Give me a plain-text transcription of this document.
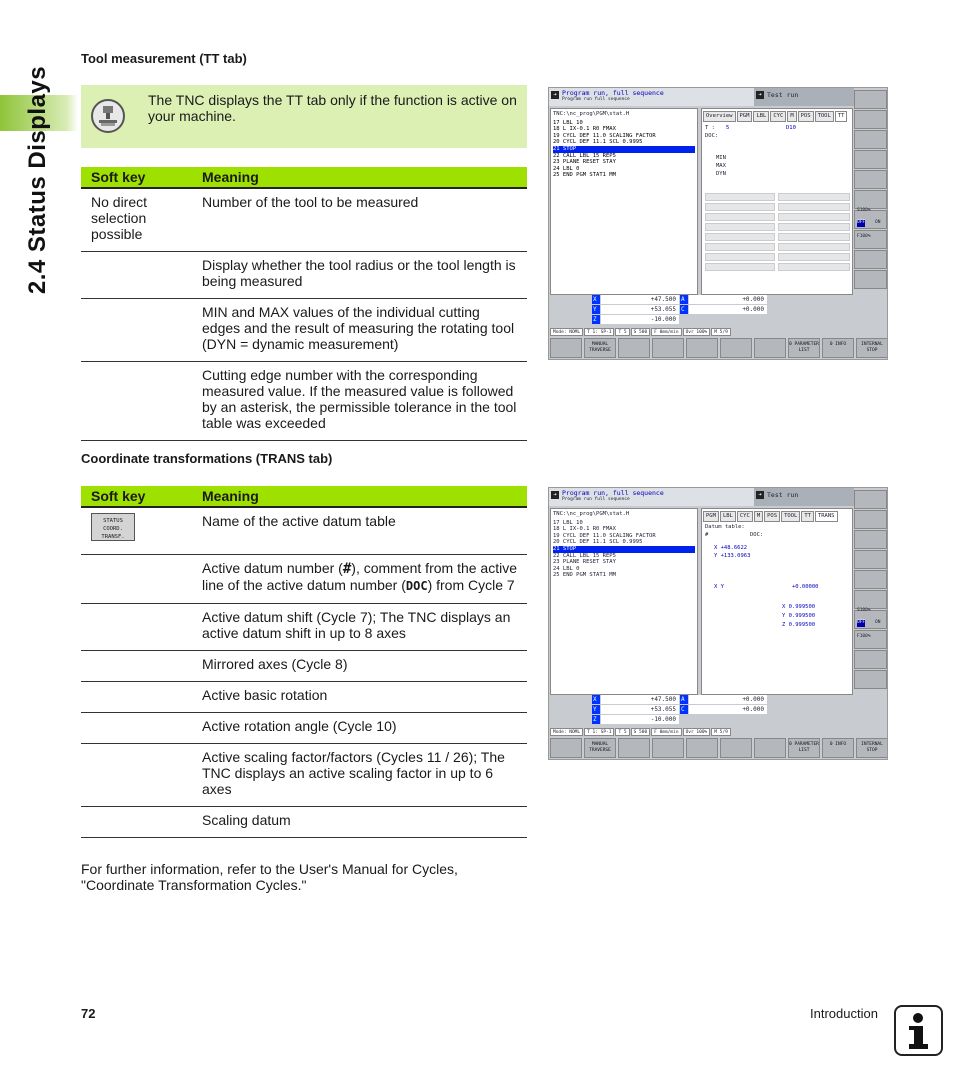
2.4 Status Displays
Tool measurement (TT tab)
The TNC displays the TT tab only if the function is active on your machine.
Soft key	Meaning
No direct selection possible	Number of the tool to be measured
	Display whether the tool radius or the tool length is being measured
	MIN and MAX values of the individual cutting edges and the result of measuring the rotating tool (DYN = dynamic measurement)
	Cutting edge number with the corresponding measured value. If the measured value is followed by an asterisk, the permissible tolerance in the tool table was exceeded
Coordinate transformations (TRANS tab)
Soft key	Meaning
STATUS
COORD.
TRANSF.	Name of the active datum table
	Active datum number (#), comment from the active line of the active datum number (DOC) from Cycle 7
	Active datum shift (Cycle 7); The TNC displays an active datum shift in up to 8 axes
	Mirrored axes (Cycle 8)
	Active basic rotation
	Active rotation angle (Cycle 10)
	Active scaling factor/factors (Cycles 11 / 26); The TNC displays an active scaling factor in up to 6 axes
	Scaling datum
For further information, refer to the User's Manual for Cycles, "Coordinate Transformation Cycles."
➔ Program run, full sequence
Program run full sequence
➔ Test run
TNC:\nc_prog\PGM\stat.H
17 LBL 10
18 L IX-0.1 R0 FMAX
19 CYCL DEF 11.0 SCALING FACTOR
20 CYCL DEF 11.1 SCL 0.9995
21 STOP
22 CALL LBL 15 REP5
23 PLANE RESET STAY
24 LBL 0
25 END PGM STAT1 MM
Overview	PGM	LBL	CYC	M	POS	TOOL	TT
T : 5	D10
DOC:
MIN
MAX
DYN
X	+47.500 A	+0.000
Y	+53.055 C	+0.000
Z	-10.000
Mode: NOML	T 1: SP-1	T 5	S 500	F 0mm/min	Ovr 100%	M 5/9
MANUAL TRAVERSE
0 PARAMETER LIST
0 INFO	INTERNAL STOP
S100%
F100%
OFF ON
➔ Program run, full sequence
Program run full sequence
➔ Test run
TNC:\nc_prog\PGM\stat.H
17 LBL 10
18 L IX-0.1 R0 FMAX
19 CYCL DEF 11.0 SCALING FACTOR
20 CYCL DEF 11.1 SCL 0.9995
21 STOP
22 CALL LBL 15 REP5
23 PLANE RESET STAY
24 LBL 0
25 END PGM STAT1 MM
PGM	LBL	CYC	M	POS	TOOL	TT	TRANS
Datum table:
#	DOC:
X +48.6622
Y +133.0963
X Y	+0.00000
X 0.999500
Y 0.999500
Z 0.999500
X	+47.500 A	+0.000
Y	+53.055 C	+0.000
Z	-10.000
Mode: NOML	T 1: SP-1	T 5	S 500	F 0mm/min	Ovr 100%	M 5/9
MANUAL TRAVERSE
0 PARAMETER LIST
0 INFO	INTERNAL STOP
S100%
F100%
OFF ON
72	Introduction
